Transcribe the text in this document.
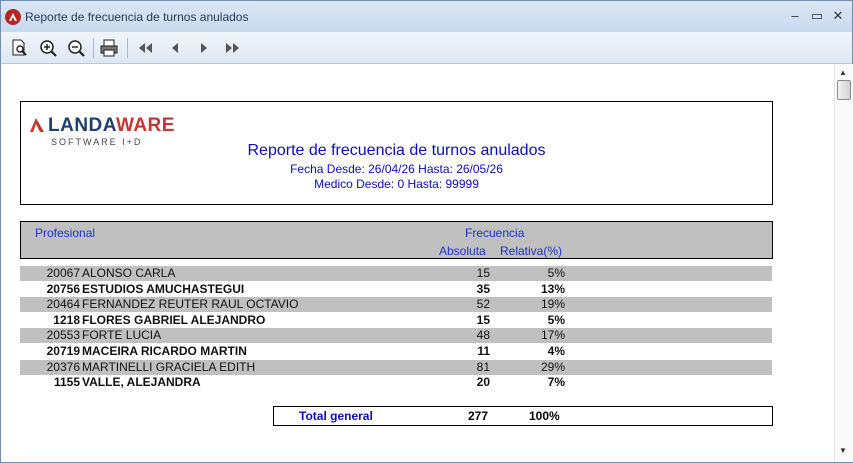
Reporte de frecuencia de turnos anulados	– ▭ ✕
LANDAWARE
SOFTWARE I+D	Reporte de frecuencia de turnos anulados
Fecha Desde: 26/04/26 Hasta: 26/05/26
Medico Desde: 0 Hasta: 99999
Profesional	Frecuencia
Absoluta Relativa(%)
20067 ALONSO CARLA	15	5%
20756 ESTUDIOS AMUCHASTEGUI	35	13%
20464 FERNANDEZ REUTER RAUL OCTAVIO	52	19%
1218 FLORES GABRIEL ALEJANDRO	15	5%
20553 FORTE LUCIA	48	17%
20719 MACEIRA RICARDO MARTIN	11	4%
20376 MARTINELLI GRACIELA EDITH	81	29%
1155 VALLE, ALEJANDRA	20	7%
Total general	277	100%
▲
▼
